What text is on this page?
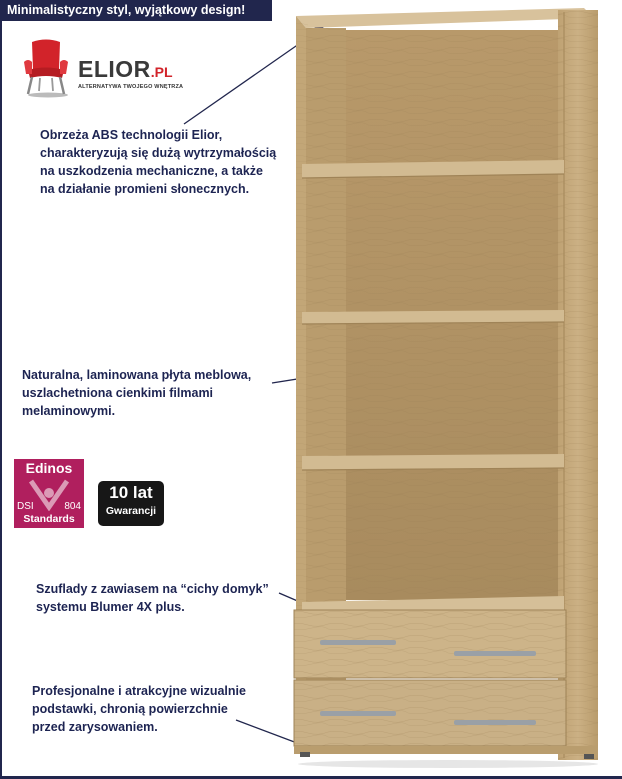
Minimalistyczny styl, wyjątkowy design!
ELIOR.PL
ALTERNATYWA TWOJEGO WNĘTRZA
Obrzeża ABS technologii Elior,
charakteryzują się dużą wytrzymałością
na uszkodzenia mechaniczne, a także
na działanie promieni słonecznych.
Naturalna, laminowana płyta meblowa,
uszlachetniona cienkimi filmami
melaminowymi.
Szuflady z zawiasem na “cichy domyk”
systemu Blumer 4X plus.
Profesjonalne i atrakcyjne wizualnie
podstawki, chronią powierzchnie
przed zarysowaniem.
Edinos
DSI	804
Standards
10 lat
Gwarancji
